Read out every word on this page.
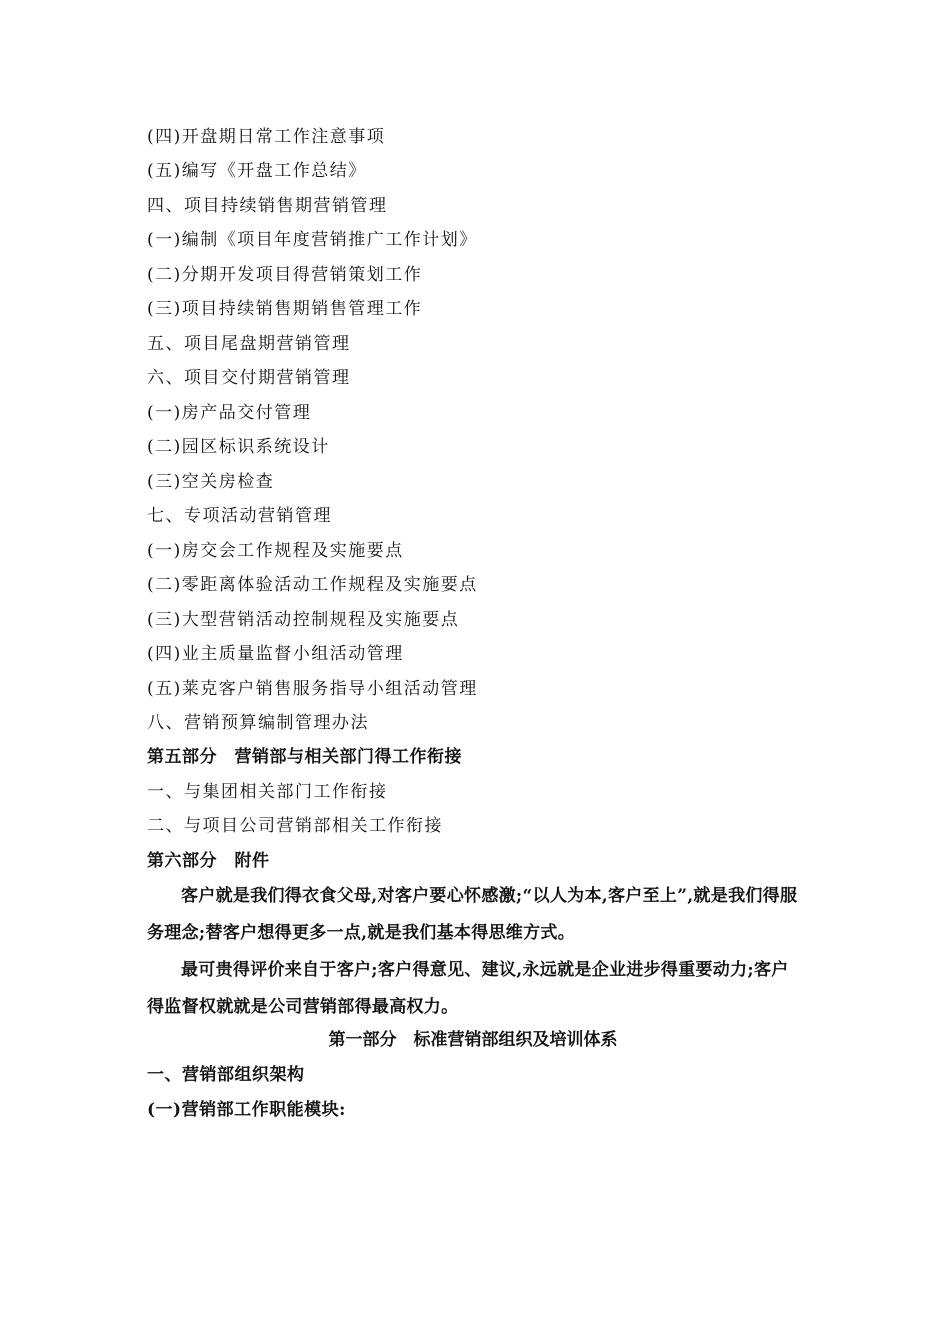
(四)开盘期日常工作注意事项
(五)编写《开盘工作总结》
四、项目持续销售期营销管理
(一)编制《项目年度营销推广工作计划》
(二)分期开发项目得营销策划工作
(三)项目持续销售期销售管理工作
五、项目尾盘期营销管理
六、项目交付期营销管理
(一)房产品交付管理
(二)园区标识系统设计
(三)空关房检查
七、专项活动营销管理
(一)房交会工作规程及实施要点
(二)零距离体验活动工作规程及实施要点
(三)大型营销活动控制规程及实施要点
(四)业主质量监督小组活动管理
(五)莱克客户销售服务指导小组活动管理
八、营销预算编制管理办法
第五部分　营销部与相关部门得工作衔接
一、与集团相关部门工作衔接
二、与项目公司营销部相关工作衔接
第六部分　附件
客户就是我们得衣食父母,对客户要心怀感激;“以人为本,客户至上”,就是我们得服务理念;替客户想得更多一点,就是我们基本得思维方式。
最可贵得评价来自于客户;客户得意见、建议,永远就是企业进步得重要动力;客户得监督权就就是公司营销部得最高权力。
第一部分　标准营销部组织及培训体系
一、营销部组织架构
(一)营销部工作职能模块:
